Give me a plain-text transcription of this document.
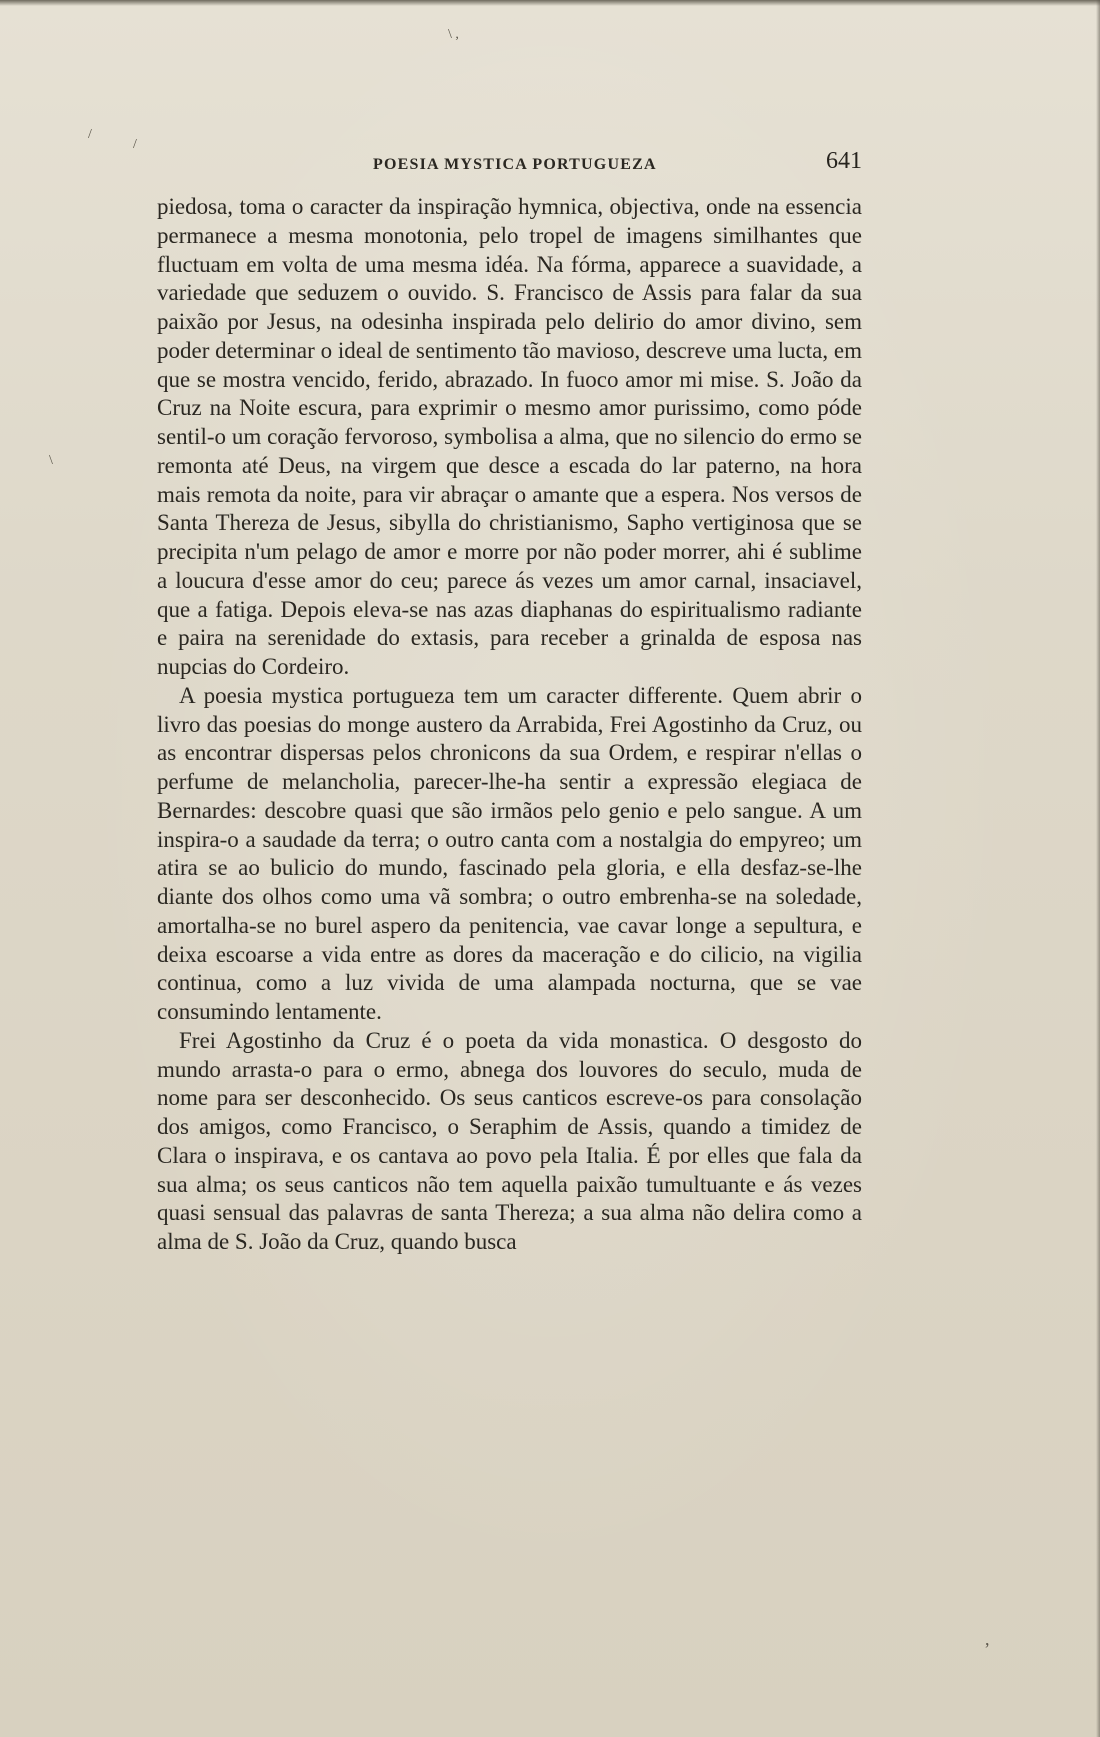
/
/
\ ,
\
,
POESIA MYSTICA PORTUGUEZA	641

piedosa, toma o caracter da inspiração hymnica, objectiva, onde na essencia permanece a mesma monotonia, pelo tropel de imagens similhantes que fluctuam em volta de uma mesma idéa. Na fórma, apparece a suavidade, a variedade que seduzem o ouvido. S. Francisco de Assis para falar da sua paixão por Jesus, na odesinha inspirada pelo delirio do amor divino, sem poder determinar o ideal de sentimento tão mavioso, descreve uma lucta, em que se mostra vencido, ferido, abrazado. In fuoco amor mi mise. S. João da Cruz na Noite escura, para exprimir o mesmo amor purissimo, como póde sentil-o um coração fervoroso, symbolisa a alma, que no silencio do ermo se remonta até Deus, na virgem que desce a escada do lar paterno, na hora mais remota da noite, para vir abraçar o amante que a espera. Nos versos de Santa Thereza de Jesus, sibylla do christianismo, Sapho vertiginosa que se precipita n'um pelago de amor e morre por não poder morrer, ahi é sublime a loucura d'esse amor do ceu; parece ás vezes um amor carnal, insaciavel, que a fatiga. Depois eleva-se nas azas diaphanas do espiritualismo radiante e paira na serenidade do extasis, para receber a grinalda de esposa nas nupcias do Cordeiro.

A poesia mystica portugueza tem um caracter differente. Quem abrir o livro das poesias do monge austero da Arrabida, Frei Agostinho da Cruz, ou as encontrar dispersas pelos chronicons da sua Ordem, e respirar n'ellas o perfume de melancholia, parecer-lhe-ha sentir a expressão elegiaca de Bernardes: descobre quasi que são irmãos pelo genio e pelo sangue. A um inspira-o a saudade da terra; o outro canta com a nostalgia do empyreo; um atira se ao bulicio do mundo, fascinado pela gloria, e ella desfaz-se-lhe diante dos olhos como uma vã sombra; o outro embrenha-se na soledade, amortalha-se no burel aspero da penitencia, vae cavar longe a sepultura, e deixa escoarse a vida entre as dores da maceração e do cilicio, na vigilia continua, como a luz vivida de uma alampada nocturna, que se vae consumindo lentamente.

Frei Agostinho da Cruz é o poeta da vida monastica. O desgosto do mundo arrasta-o para o ermo, abnega dos louvores do seculo, muda de nome para ser desconhecido. Os seus canticos escreve-os para consolação dos amigos, como Francisco, o Seraphim de Assis, quando a timidez de Clara o inspirava, e os cantava ao povo pela Italia. É por elles que fala da sua alma; os seus canticos não tem aquella paixão tumultuante e ás vezes quasi sensual das palavras de santa Thereza; a sua alma não delira como a alma de S. João da Cruz, quando busca
